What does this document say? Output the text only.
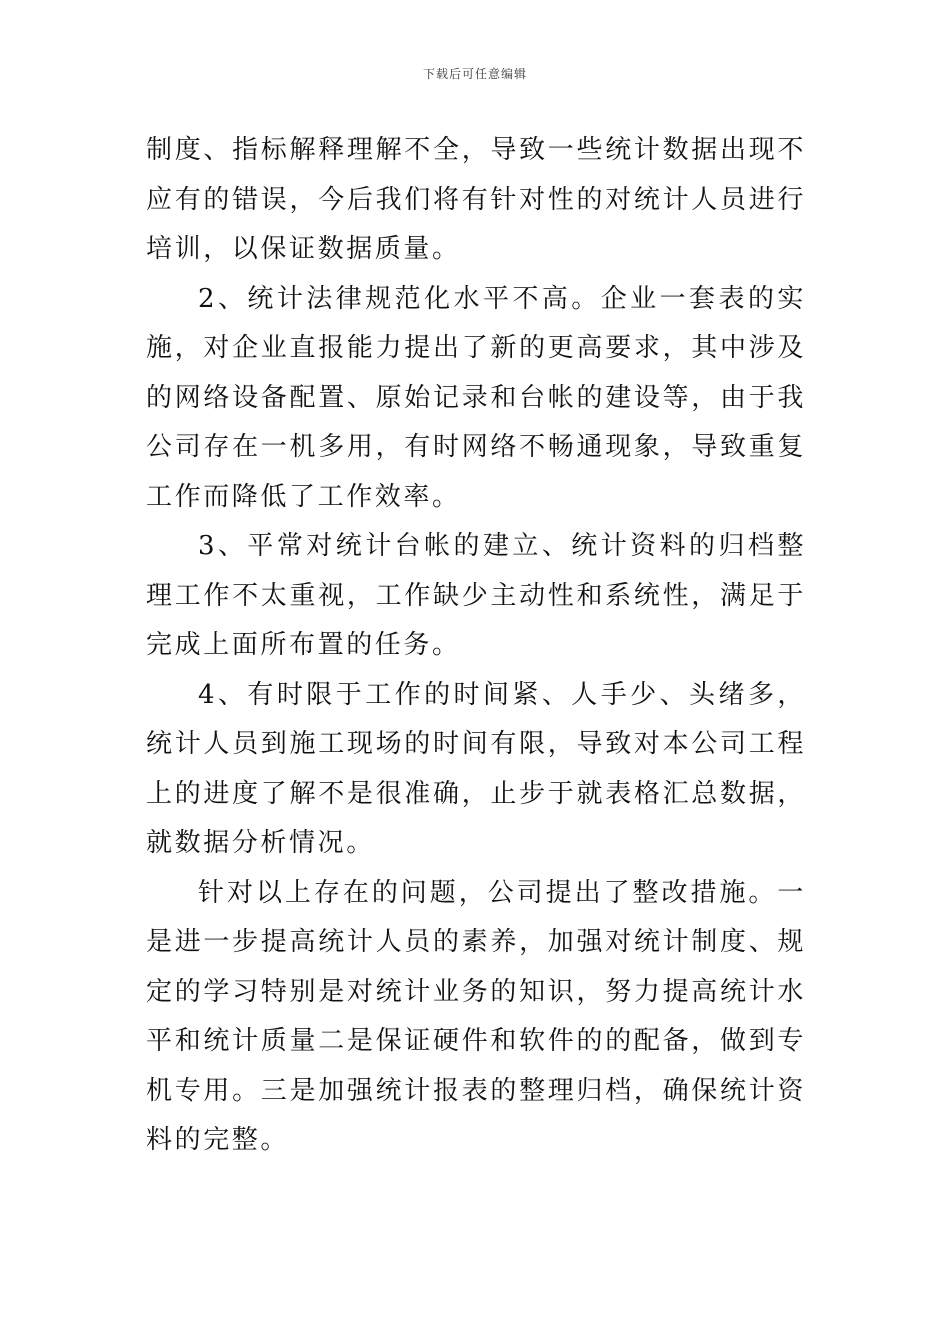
下载后可任意编辑

制度、指标解释理解不全，导致一些统计数据出现不应有的错误，今后我们将有针对性的对统计人员进行培训，以保证数据质量。

2、统计法律规范化水平不高。企业一套表的实施，对企业直报能力提出了新的更高要求，其中涉及的网络设备配置、原始记录和台帐的建设等，由于我公司存在一机多用，有时网络不畅通现象，导致重复工作而降低了工作效率。

3、平常对统计台帐的建立、统计资料的归档整理工作不太重视，工作缺少主动性和系统性，满足于完成上面所布置的任务。

4、有时限于工作的时间紧、人手少、头绪多，统计人员到施工现场的时间有限，导致对本公司工程上的进度了解不是很准确，止步于就表格汇总数据，就数据分析情况。

针对以上存在的问题，公司提出了整改措施。一是进一步提高统计人员的素养，加强对统计制度、规定的学习特别是对统计业务的知识，努力提高统计水平和统计质量二是保证硬件和软件的的配备，做到专机专用。三是加强统计报表的整理归档，确保统计资料的完整。
